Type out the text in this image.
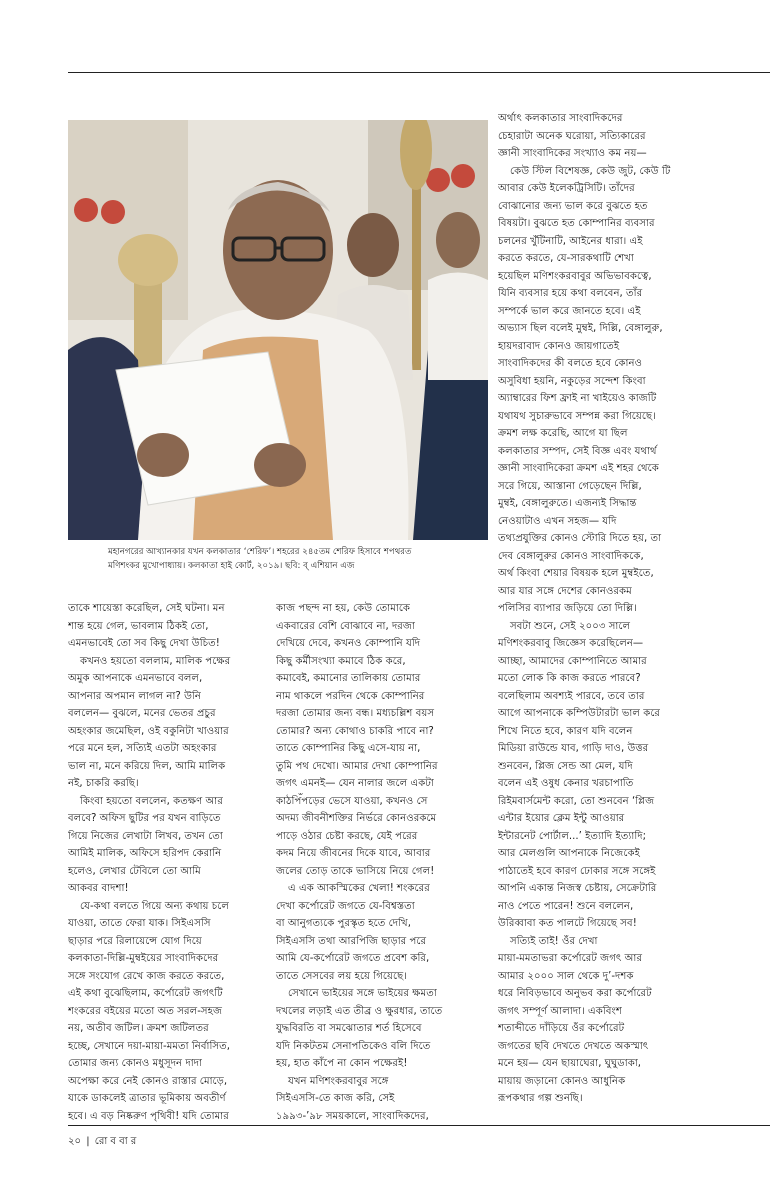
মহানগরের আখ্যানকার যখন কলকাতার ‘শেরিফ’। শহরের ২৪৫তম শেরিফ হিসাবে শপথরত
মণিশংকর মুখোপাধ্যায়। কলকাতা হাই কোর্ট, ২০১৯। ছবি: ব্ এশিয়ান এজ
তাকে শায়েস্তা করেছিল, সেই ঘটনা। মন
শান্ত হয়ে গেল, ভাবলাম ঠিকই তো,
এমনভাবেই তো সব কিছু দেখা উচিত!
কখনও হয়তো বললাম, মালিক পক্ষের
অমুক আপনাকে এমনভাবে বলল,
আপনার অপমান লাগল না? উনি
বললেন— বুঝলে, মনের ভেতর প্রচুর
অহংকার জমেছিল, ওই বকুনিটা খাওয়ার
পরে মনে হল, সত্যিই এতটা অহংকার
ভাল না, মনে করিয়ে দিল, আমি মালিক
নই, চাকরি করছি।
কিংবা হয়তো বললেন, কতক্ষণ আর
বলবে? অফিস ছুটির পর যখন বাড়িতে
গিয়ে নিজের লেখাটা লিখব, তখন তো
আমিই মালিক, অফিসে হরিপদ কেরানি
হলেও, লেখার টেবিলে তো আমি
আকবর বাদশা!
যে-কথা বলতে গিয়ে অন্য কথায় চলে
যাওয়া, তাতে ফেরা যাক। সিইএসসি
ছাড়ার পরে রিলায়েন্সে যোগ দিয়ে
কলকাতা-দিল্লি-মুম্বইয়ের সাংবাদিকদের
সঙ্গে সংযোগ রেখে কাজ করতে করতে,
এই কথা বুঝেছিলাম, কর্পোরেট জগৎটি
শংকরের বইয়ের মতো অত সরল-সহজ
নয়, অতীব জটিল। ক্রমশ জটিলতর
হচ্ছে, সেখানে দয়া-মায়া-মমতা নির্বাসিত,
তোমার জন্য কোনও মধুসূদন দাদা
অপেক্ষা করে নেই কোনও রাস্তার মোড়ে,
যাকে ডাকলেই ত্রাতার ভূমিকায় অবতীর্ণ
হবে। এ বড় নিষ্করুণ পৃথিবী! যদি তোমার
কাজ পছন্দ না হয়, কেউ তোমাকে
একবারের বেশি বোঝাবে না, দরজা
দেখিয়ে দেবে, কখনও কোম্পানি যদি
কিছু কর্মীসংখ্যা কমাবে ঠিক করে,
কমাবেই, কমানোর তালিকায় তোমার
নাম থাকলে পরদিন থেকে কোম্পানির
দরজা তোমার জন্য বন্ধ। মধ্যচল্লিশ বয়স
তোমার? অন্য কোথাও চাকরি পাবে না?
তাতে কোম্পানির কিছু এসে-যায় না,
তুমি পথ দেখো। আমার দেখা কোম্পানির
জগৎ এমনই— যেন নালার জলে একটা
কাঠপিঁপড়ের ভেসে যাওয়া, কখনও সে
অদম্য জীবনীশক্তির নির্ভরে কোনওরকমে
পাড়ে ওঠার চেষ্টা করছে, যেই পরের
কদম নিয়ে জীবনের দিকে যাবে, আবার
জলের তোড় তাকে ভাসিয়ে নিয়ে গেল!
এ এক আকস্মিকের খেলা! শংকরের
দেখা কর্পোরেট জগতে যে-বিশ্বস্ততা
বা আনুগত্যকে পুরস্কৃত হতে দেখি,
সিইএসসি তথা আরপিজি ছাড়ার পরে
আমি যে-কর্পোরেট জগতে প্রবেশ করি,
তাতে সেসবের লয় হয়ে গিয়েছে।
সেখানে ভাইয়ের সঙ্গে ভাইয়ের ক্ষমতা
দখলের লড়াই এত তীব্র ও ক্ষুরধার, তাতে
যুদ্ধবিরতি বা সমঝোতার শর্ত হিসেবে
যদি নিকটতম সেনাপতিকেও বলি দিতে
হয়, হাত কাঁপে না কোন পক্ষেরই!
যখন মণিশংকরবাবুর সঙ্গে
সিইএসসি-তে কাজ করি, সেই
১৯৯৩-’৯৮ সময়কালে, সাংবাদিকদের,
অর্থাৎ কলকাতার সাংবাদিকদের
চেহারাটা অনেক ঘরোয়া, সত্যিকারের
জ্ঞানী সাংবাদিকের সংখ্যাও কম নয়—
কেউ স্টিল বিশেষজ্ঞ, কেউ জুট, কেউ টি
আবার কেউ ইলেকট্রিসিটি। তাঁদের
বোঝানোর জন্য ভাল করে বুঝতে হত
বিষয়টা। বুঝতে হত কোম্পানির ব্যবসার
চলনের খুঁটিনাটি, আইনের ধারা। এই
করতে করতে, যে-সারকথাটি শেখা
হয়েছিল মণিশংকরবাবুর অভিভাবকত্বে,
যিনি ব্যবসার হয়ে কথা বলবেন, তাঁর
সম্পর্কে ভাল করে জানতে হবে। এই
অভ্যাস ছিল বলেই মুম্বই, দিল্লি, বেঙ্গালুরু,
হায়দরাবাদ কোনও জায়গাতেই
সাংবাদিকদের কী বলতে হবে কোনও
অসুবিধা হয়নি, নকুড়ের সন্দেশ কিংবা
অ্যাম্বারের ফিশ ফ্রাই না খাইয়েও কাজটি
যথাযথ সুচারুভাবে সম্পন্ন করা গিয়েছে।
ক্রমশ লক্ষ করেছি, আগে যা ছিল
কলকাতার সম্পদ, সেই বিজ্ঞ এবং যথার্থ
জ্ঞানী সাংবাদিকেরা ক্রমশ এই শহর থেকে
সরে গিয়ে, আস্তানা গেড়েছেন দিল্লি,
মুম্বই, বেঙ্গালুরুতে। এজন্যই সিদ্ধান্ত
নেওয়াটাও এখন সহজ— যদি
তথ্যপ্রযুক্তির কোনও স্টোরি দিতে হয়, তা
দেব বেঙ্গালুরুর কোনও সাংবাদিককে,
অর্থ কিংবা শেয়ার বিষয়ক হলে মুম্বইতে,
আর যার সঙ্গে দেশের কোনওরকম
পলিসির ব্যাপার জড়িয়ে তো দিল্লি।
সবটা শুনে, সেই ২০০৩ সালে
মণিশংকরবাবু জিজ্ঞেস করেছিলেন—
আচ্ছা, আমাদের কোম্পানিতে আমার
মতো লোক কি কাজ করতে পারবে?
বলেছিলাম অবশ্যই পারবে, তবে তার
আগে আপনাকে কম্পিউটারটা ভাল করে
শিখে নিতে হবে, কারণ যদি বলেন
মিডিয়া রাউন্ডে যাব, গাড়ি দাও, উত্তর
শুনবেন, প্লিজ সেন্ড আ মেল, যদি
বলেন এই ওষুধ কেনার খরচাপাতি
রিইমবার্সমেন্ট করো, তো শুনবেন ‘প্লিজ
এন্টার ইয়োর ক্লেম ইন্টু আওয়ার
ইন্টারনেট পোর্টাল...’ ইত্যাদি ইত্যাদি;
আর মেলগুলি আপনাকে নিজেকেই
পাঠাতেই হবে কারণ ঢোকার সঙ্গে সঙ্গেই
আপনি একান্ত নিজস্ব চেষ্টায়, সেক্রেটারি
নাও পেতে পারেন! শুনে বললেন,
উরিব্বাবা কত পালটে গিয়েছে সব!
সত্যিই তাই! ওঁর দেখা
মায়া-মমতাভরা কর্পোরেট জগৎ আর
আমার ২০০০ সাল থেকে দু’-দশক
ধরে নিবিড়ভাবে অনুভব করা কর্পোরেট
জগৎ সম্পূর্ণ আলাদা। একবিংশ
শতাব্দীতে দাঁড়িয়ে ওঁর কর্পোরেট
জগতের ছবি দেখতে দেখতে অকস্মাৎ
মনে হয়— যেন ছায়াঘেরা, ঘুঘুডাকা,
মায়ায় জড়ানো কোনও আধুনিক
রূপকথার গল্প শুনছি।
২০ | রো ব বা র
